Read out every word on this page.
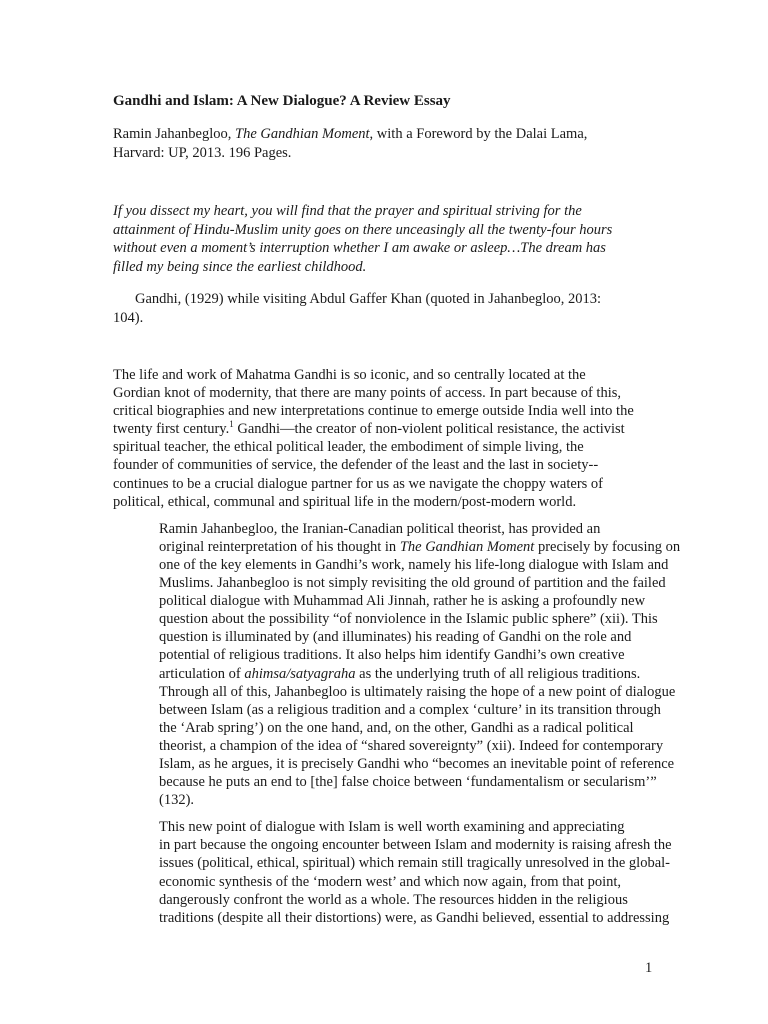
Gandhi and Islam: A New Dialogue? A Review Essay
Ramin Jahanbegloo, The Gandhian Moment, with a Foreword by the Dalai Lama,
Harvard: UP, 2013. 196 Pages.
If you dissect my heart, you will find that the prayer and spiritual striving for the
attainment of Hindu-Muslim unity goes on there unceasingly all the twenty-four hours
without even a moment’s interruption whether I am awake or asleep…The dream has
filled my being since the earliest childhood.
Gandhi, (1929) while visiting Abdul Gaffer Khan (quoted in Jahanbegloo, 2013:
104).

The life and work of Mahatma Gandhi is so iconic, and so centrally located at the
Gordian knot of modernity, that there are many points of access. In part because of this,
critical biographies and new interpretations continue to emerge outside India well into the
twenty first century.$^1$ Gandhi—the creator of non-violent political resistance, the activist
spiritual teacher, the ethical political leader, the embodiment of simple living, the
founder of communities of service, the defender of the least and the last in society--
continues to be a crucial dialogue partner for us as we navigate the choppy waters of
political, ethical, communal and spiritual life in the modern/post-modern world.

Ramin Jahanbegloo, the Iranian-Canadian political theorist, has provided an
original reinterpretation of his thought in The Gandhian Moment precisely by focusing on
one of the key elements in Gandhi’s work, namely his life-long dialogue with Islam and
Muslims. Jahanbegloo is not simply revisiting the old ground of partition and the failed
political dialogue with Muhammad Ali Jinnah, rather he is asking a profoundly new
question about the possibility “of nonviolence in the Islamic public sphere” (xii). This
question is illuminated by (and illuminates) his reading of Gandhi on the role and
potential of religious traditions. It also helps him identify Gandhi’s own creative
articulation of ahimsa/satyagraha as the underlying truth of all religious traditions.
Through all of this, Jahanbegloo is ultimately raising the hope of a new point of dialogue
between Islam (as a religious tradition and a complex ‘culture’ in its transition through
the ‘Arab spring’) on the one hand, and, on the other, Gandhi as a radical political
theorist, a champion of the idea of “shared sovereignty” (xii). Indeed for contemporary
Islam, as he argues, it is precisely Gandhi who “becomes an inevitable point of reference
because he puts an end to [the] false choice between ‘fundamentalism or secularism’”
(132).

This new point of dialogue with Islam is well worth examining and appreciating
in part because the ongoing encounter between Islam and modernity is raising afresh the
issues (political, ethical, spiritual) which remain still tragically unresolved in the global-
economic synthesis of the ‘modern west’ and which now again, from that point,
dangerously confront the world as a whole. The resources hidden in the religious
traditions (despite all their distortions) were, as Gandhi believed, essential to addressing

1
